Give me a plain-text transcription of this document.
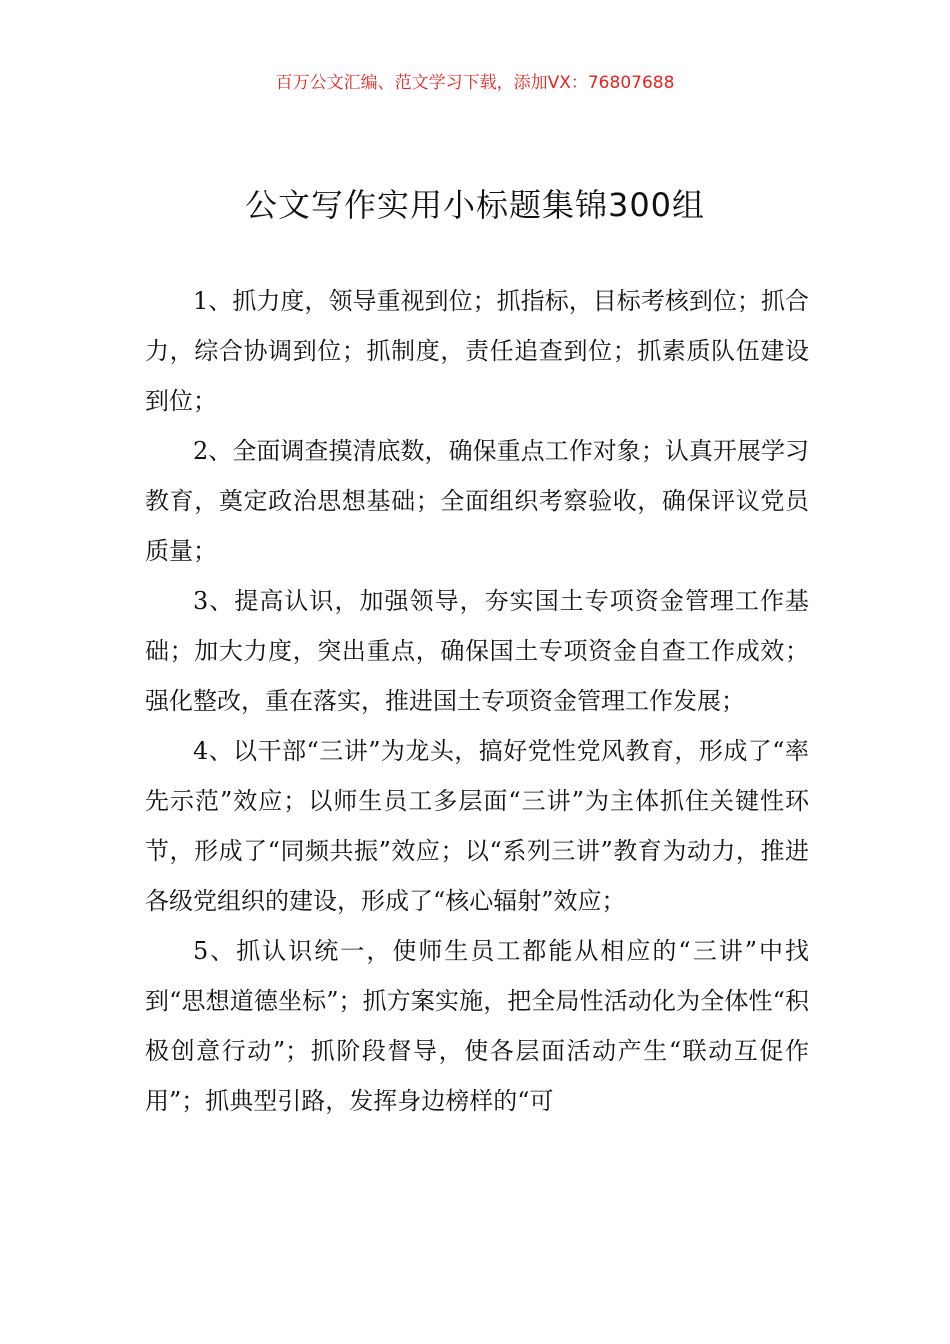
百万公文汇编、范文学习下载，添加VX：76807688
公文写作实用小标题集锦300组

1、抓力度，领导重视到位；抓指标，目标考核到位；抓合力，综合协调到位；抓制度，责任追查到位；抓素质队伍建设到位；

2、全面调查摸清底数，确保重点工作对象；认真开展学习教育，奠定政治思想基础；全面组织考察验收，确保评议党员质量；

3、提高认识，加强领导，夯实国土专项资金管理工作基础；加大力度，突出重点，确保国土专项资金自查工作成效；强化整改，重在落实，推进国土专项资金管理工作发展；

4、以干部“三讲”为龙头，搞好党性党风教育，形成了“率先示范”效应；以师生员工多层面“三讲”为主体抓住关键性环节，形成了“同频共振”效应；以“系列三讲”教育为动力，推进各级党组织的建设，形成了“核心辐射”效应；

5、抓认识统一，使师生员工都能从相应的“三讲”中找到“思想道德坐标”；抓方案实施，把全局性活动化为全体性“积极创意行动”；抓阶段督导，使各层面活动产生“联动互促作用”；抓典型引路，发挥身边榜样的“可
